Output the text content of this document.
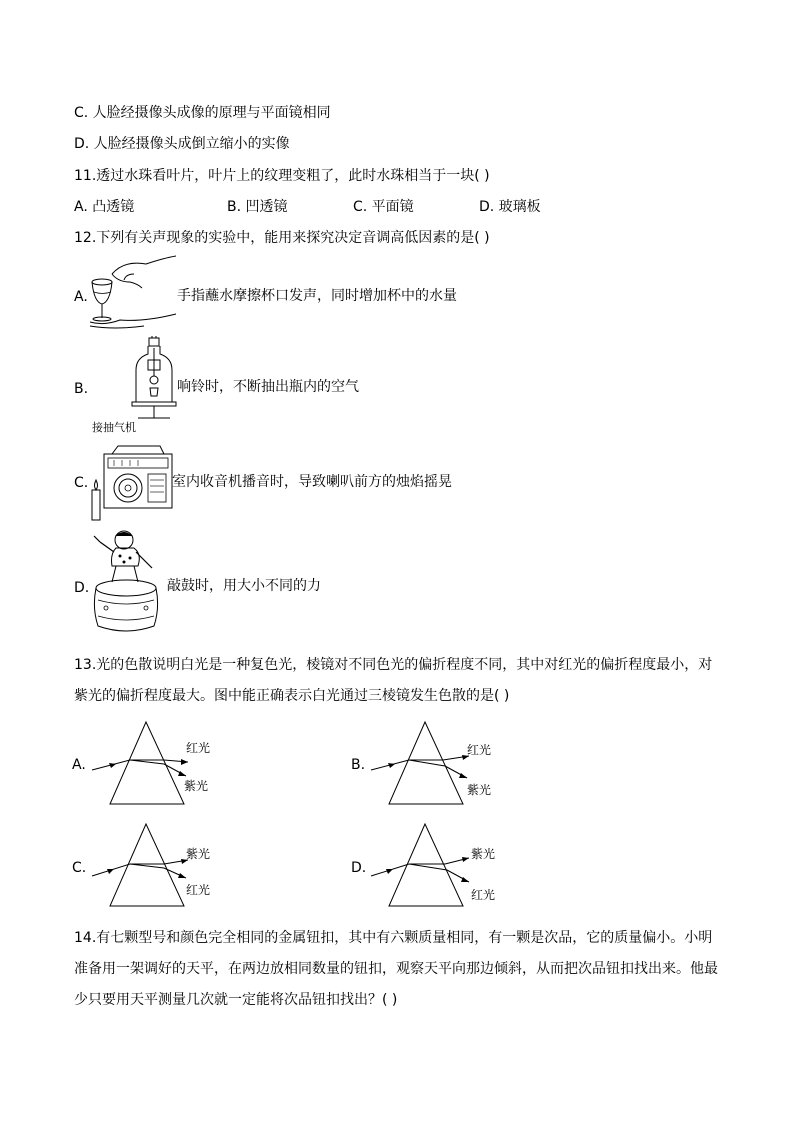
C. 人脸经摄像头成像的原理与平面镜相同
D. 人脸经摄像头成倒立缩小的实像
11.透过水珠看叶片，叶片上的纹理变粗了，此时水珠相当于一块( )
A. 凸透镜	B. 凹透镜	C. 平面镜	D. 玻璃板
12.下列有关声现象的实验中，能用来探究决定音调高低因素的是( )
A.	手指蘸水摩擦杯口发声，同时增加杯中的水量
B.	响铃时，不断抽出瓶内的空气
接抽气机
C.	室内收音机播音时，导致喇叭前方的烛焰摇晃
D.	敲鼓时，用大小不同的力
13.光的色散说明白光是一种复色光，棱镜对不同色光的偏折程度不同，其中对红光的偏折程度最小，对
紫光的偏折程度最大。图中能正确表示白光通过三棱镜发生色散的是( )
A.
红光
紫光
B.
红光
紫光
C.
紫光
红光
D.
紫光
红光
14.有七颗型号和颜色完全相同的金属钮扣，其中有六颗质量相同，有一颗是次品，它的质量偏小。小明
准备用一架调好的天平，在两边放相同数量的钮扣，观察天平向那边倾斜，从而把次品钮扣找出来。他最
少只要用天平测量几次就一定能将次品钮扣找出？( )
